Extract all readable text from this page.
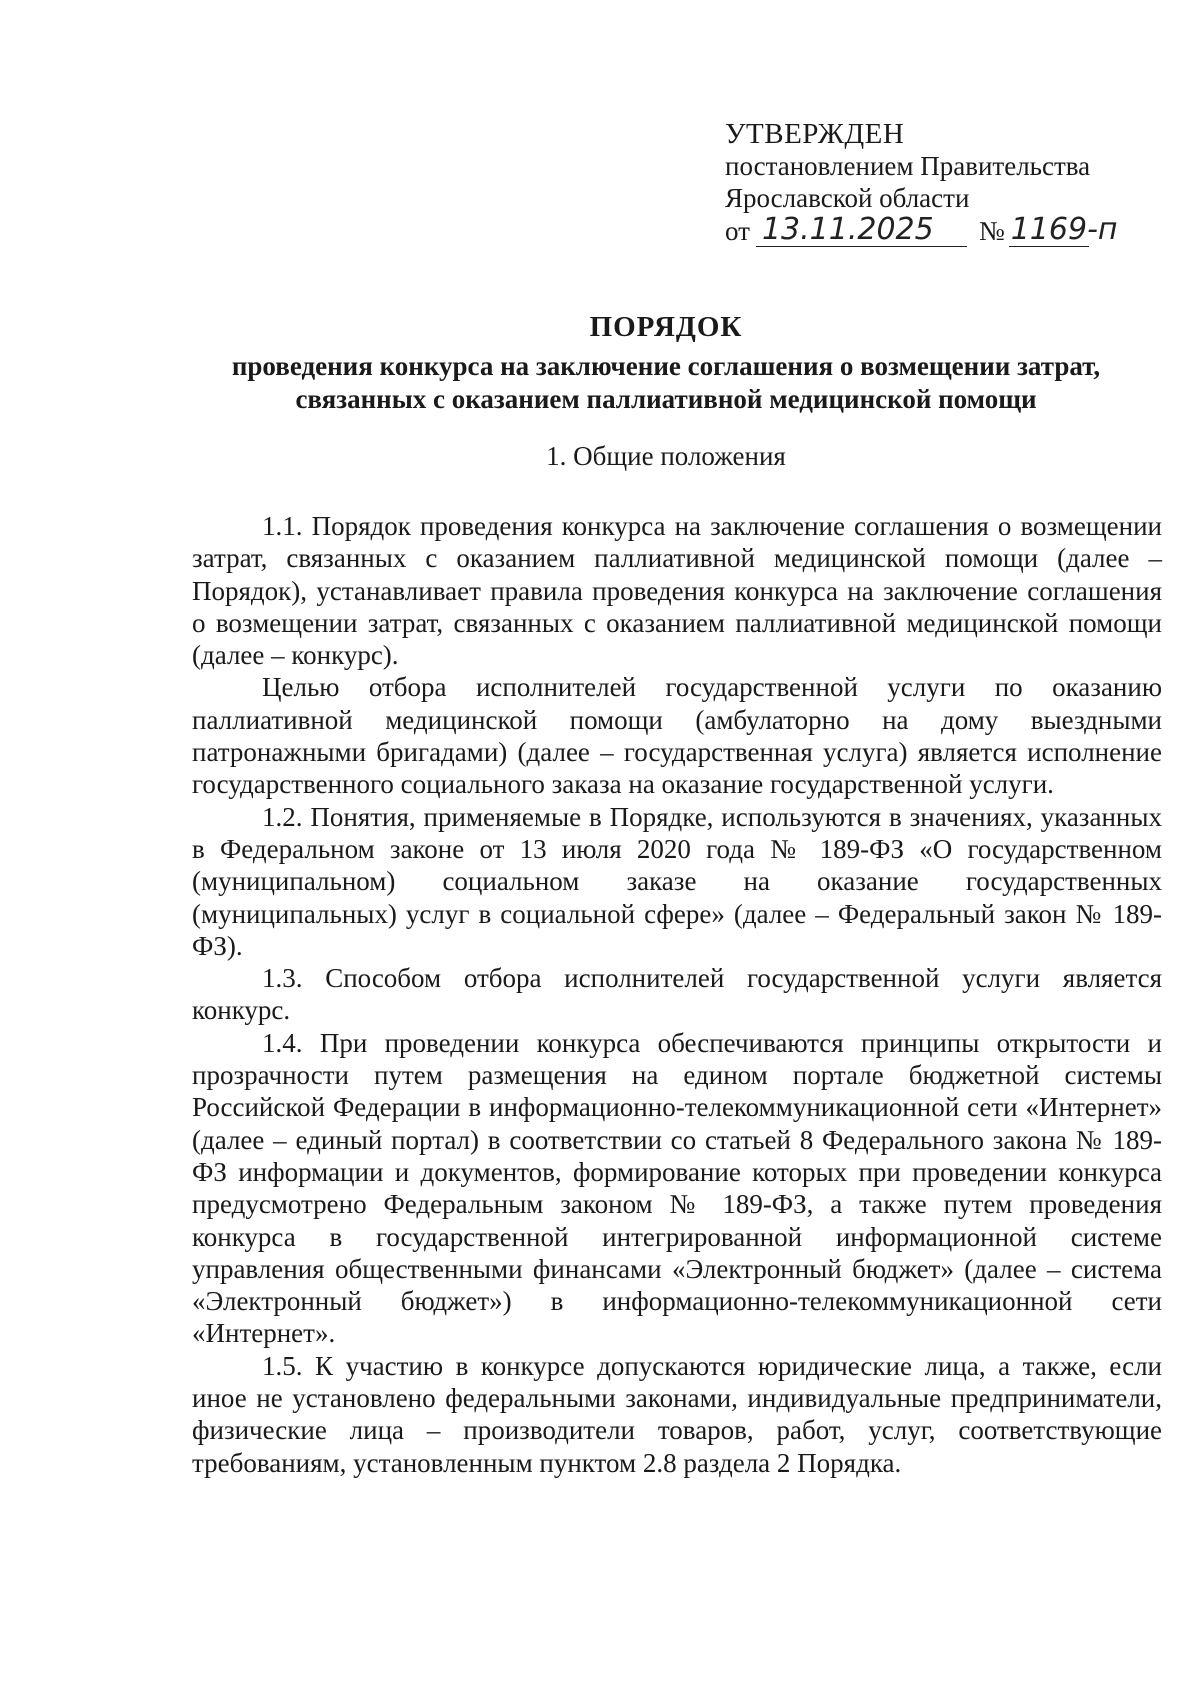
УТВЕРЖДЕН
постановлением Правительства
Ярославской области
от 13.11.2025	№ 1169-п
ПОРЯДОК
проведения конкурса на заключение соглашения о возмещении затрат, связанных с оказанием паллиативной медицинской помощи
1. Общие положения

1.1. Порядок проведения конкурса на заключение соглашения о возмещении затрат, связанных с оказанием паллиативной медицинской помощи (далее – Порядок), устанавливает правила проведения конкурса на заключение соглашения о возмещении затрат, связанных с оказанием паллиативной медицинской помощи (далее – конкурс).

Целью отбора исполнителей государственной услуги по оказанию паллиативной медицинской помощи (амбулаторно на дому выездными патронажными бригадами) (далее – государственная услуга) является исполнение государственного социального заказа на оказание государственной услуги.

1.2. Понятия, применяемые в Порядке, используются в значениях, указанных в Федеральном законе от 13 июля 2020 года № 189-ФЗ «О государственном (муниципальном) социальном заказе на оказание государственных (муниципальных) услуг в социальной сфере» (далее – Федеральный закон № 189-ФЗ).

1.3. Способом отбора исполнителей государственной услуги является конкурс.

1.4. При проведении конкурса обеспечиваются принципы открытости и прозрачности путем размещения на едином портале бюджетной системы Российской Федерации в информационно-телекоммуникационной сети «Интернет» (далее – единый портал) в соответствии со статьей 8 Федерального закона № 189-ФЗ информации и документов, формирование которых при проведении конкурса предусмотрено Федеральным законом № 189-ФЗ, а также путем проведения конкурса в государственной интегрированной информационной системе управления общественными финансами «Электронный бюджет» (далее – система «Электронный бюджет») в информационно-телекоммуникационной сети «Интернет».

1.5. К участию в конкурсе допускаются юридические лица, а также, если иное не установлено федеральными законами, индивидуальные предприниматели, физические лица – производители товаров, работ, услуг, соответствующие требованиям, установленным пунктом 2.8 раздела 2 Порядка.
